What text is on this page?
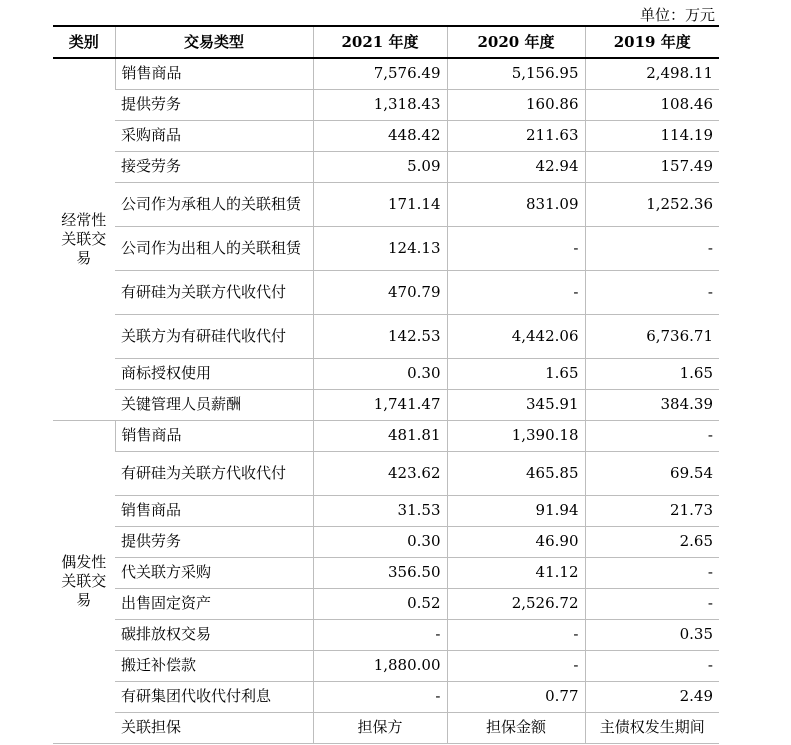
单位：万元
类别	交易类型	2021 年度	2020 年度	2019 年度
经常性关联交易	销售商品	7,576.49	5,156.95	2,498.11
	提供劳务	1,318.43	160.86	108.46
	采购商品	448.42	211.63	114.19
	接受劳务	5.09	42.94	157.49
	公司作为承租人的关联租赁	171.14	831.09	1,252.36
	公司作为出租人的关联租赁	124.13	-	-
	有研硅为关联方代收代付	470.79	-	-
	关联方为有研硅代收代付	142.53	4,442.06	6,736.71
	商标授权使用	0.30	1.65	1.65
	关键管理人员薪酬	1,741.47	345.91	384.39
偶发性关联交易	销售商品	481.81	1,390.18	-
	有研硅为关联方代收代付	423.62	465.85	69.54
	销售商品	31.53	91.94	21.73
	提供劳务	0.30	46.90	2.65
	代关联方采购	356.50	41.12	-
	出售固定资产	0.52	2,526.72	-
	碳排放权交易	-	-	0.35
	搬迁补偿款	1,880.00	-	-
	有研集团代收代付利息	-	0.77	2.49
	关联担保	担保方	担保金额	主债权发生期间
